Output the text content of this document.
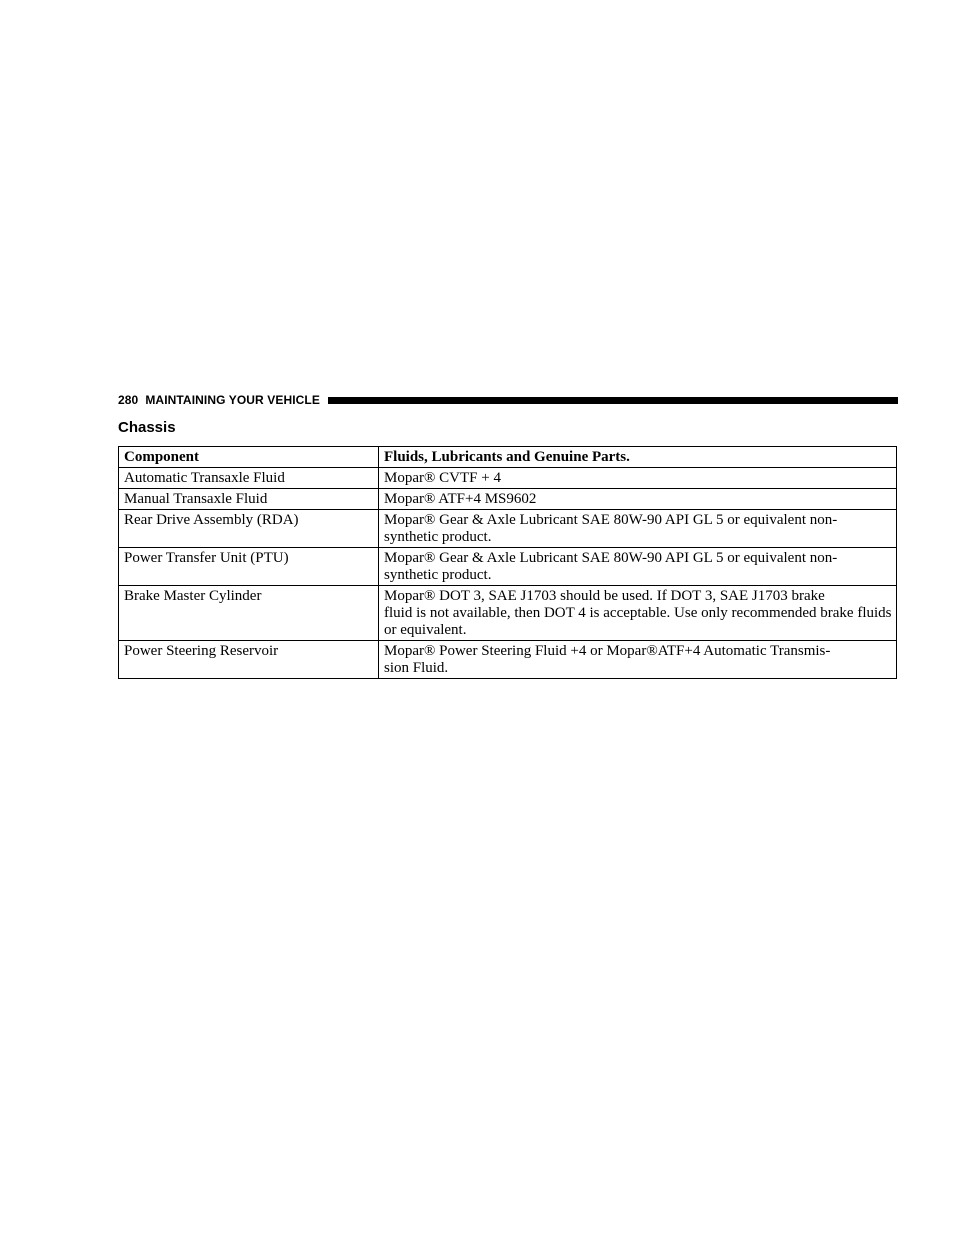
280 MAINTAINING YOUR VEHICLE
Chassis
Component	Fluids, Lubricants and Genuine Parts.
Automatic Transaxle Fluid	Mopar® CVTF + 4

Manual Transaxle Fluid	Mopar® ATF+4 MS9602

Rear Drive Assembly (RDA)	Mopar® Gear & Axle Lubricant SAE 80W-90 API GL 5 or equivalent non-
synthetic product.

Power Transfer Unit (PTU)	Mopar® Gear & Axle Lubricant SAE 80W-90 API GL 5 or equivalent non-
synthetic product.

Brake Master Cylinder	Mopar® DOT 3, SAE J1703 should be used. If DOT 3, SAE J1703 brake
fluid is not available, then DOT 4 is acceptable. Use only recommended brake fluids or equivalent.

Power Steering Reservoir	Mopar® Power Steering Fluid +4 or Mopar®ATF+4 Automatic Transmis-
sion Fluid.
